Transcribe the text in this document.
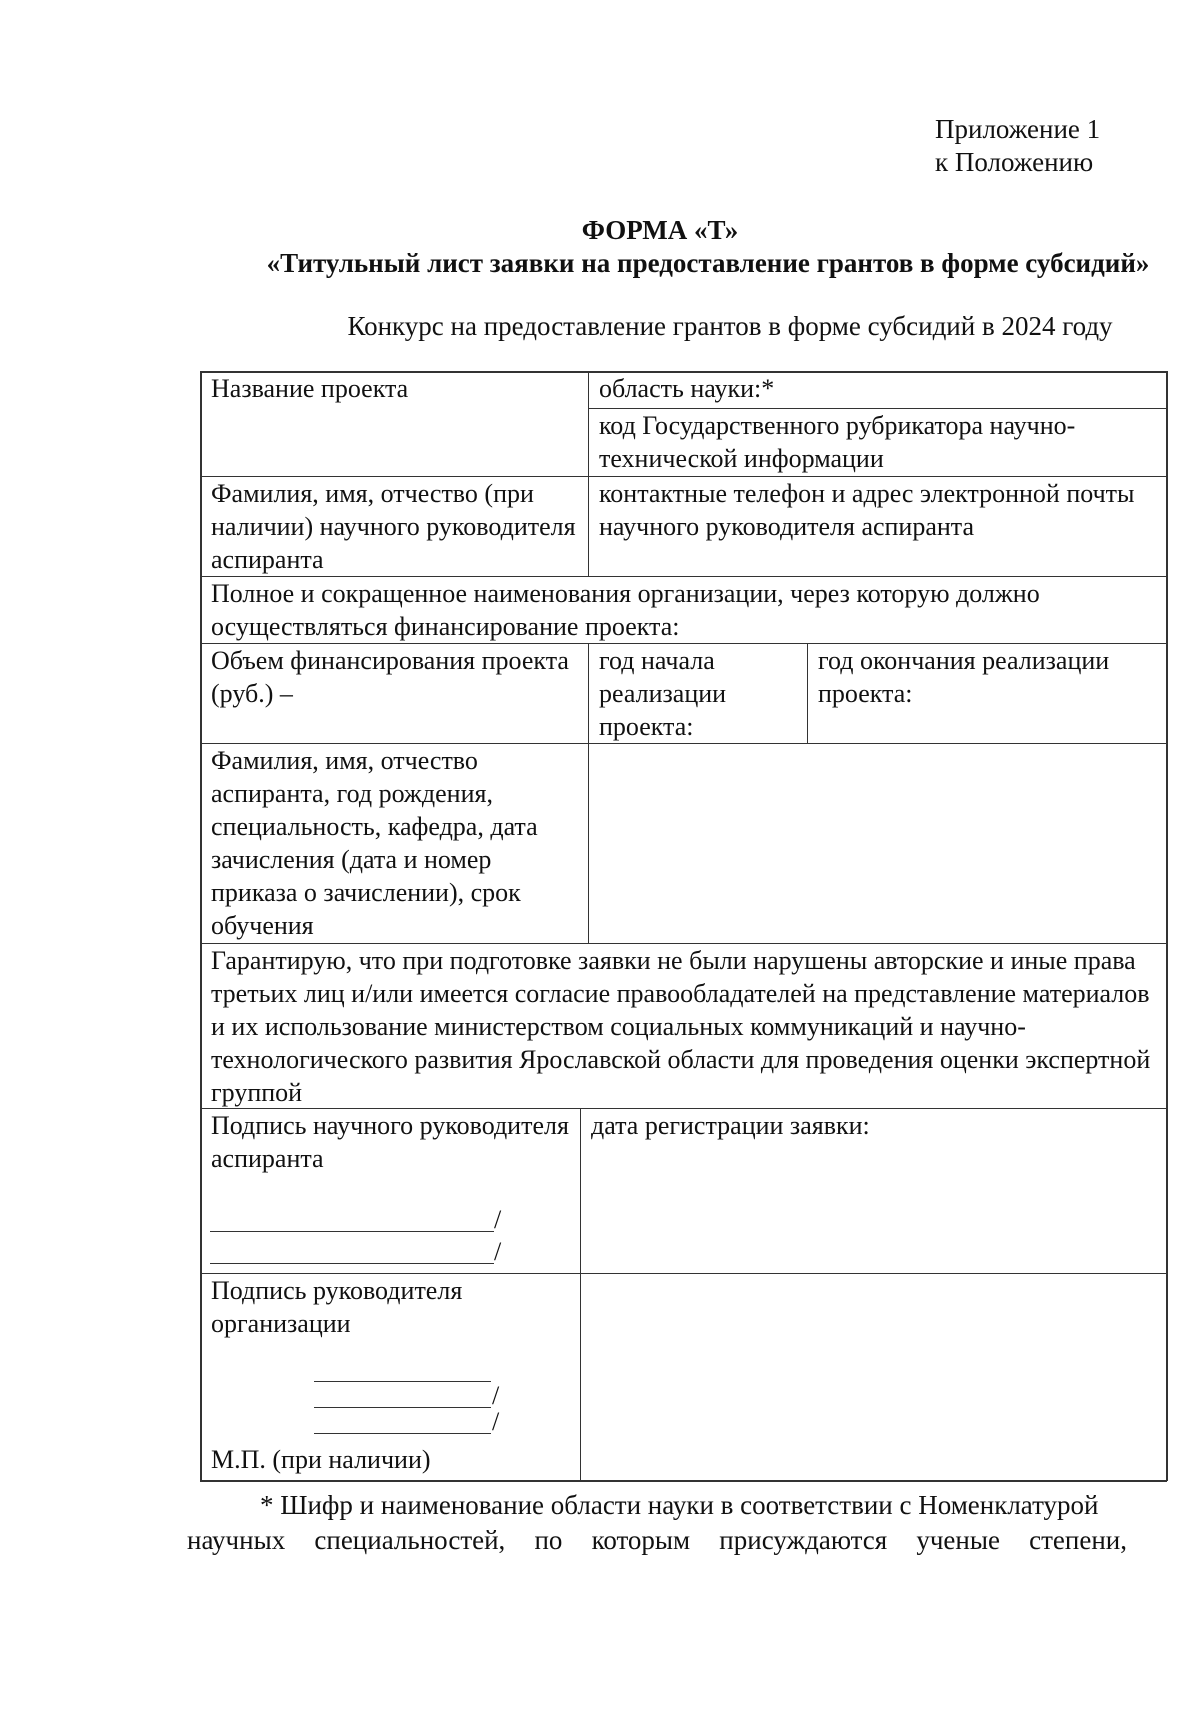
Приложение 1
к Положению
ФОРМА «Т»
«Титульный лист заявки на предоставление грантов в форме субсидий»
Конкурс на предоставление грантов в форме субсидий в 2024 году
Название проекта	область науки:*
код Государственного рубрикатора научно-технической информации
Фамилия, имя, отчество (при наличии) научного руководителя аспиранта
контактные телефон и адрес электронной почты научного руководителя аспиранта
Полное и сокращенное наименования организации, через которую должно осуществляться финансирование проекта:
Объем финансирования проекта (руб.) –
год начала реализации проекта:
год окончания реализации проекта:
Фамилия, имя, отчество аспиранта, год рождения, специальность, кафедра, дата зачисления (дата и номер приказа о зачислении), срок обучения
Гарантирую, что при подготовке заявки не были нарушены авторские и иные права третьих лиц и/или имеется согласие правообладателей на представление материалов и их использование министерством социальных коммуникаций и научно-технологического развития Ярославской области для проведения оценки экспертной группой
Подпись научного руководителя аспиранта
дата регистрации заявки:
Подпись руководителя организации
М.П. (при наличии)
/
/
/
/
* Шифр и наименование области науки в соответствии с Номенклатурой
научных специальностей, по которым присуждаются ученые степени,
